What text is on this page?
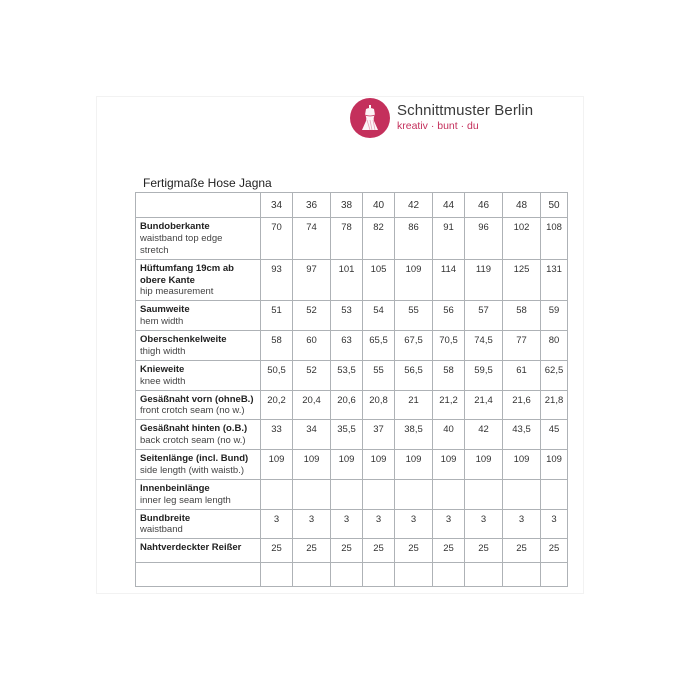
Schnittmuster Berlin
kreativ · bunt · du
Fertigmaße Hose Jagna
	34	36	38	40	42	44	46	48	50

Bundoberkante
waistband top edge
stretch	70	74	78	82	86	91	96	102	108

Hüftumfang 19cm ab obere Kante
hip measurement	93	97	101	105	109	114	119	125	131

Saumweite
hem width	51	52	53	54	55	56	57	58	59

Oberschenkelweite
thigh width	58	60	63	65,5	67,5	70,5	74,5	77	80

Knieweite
knee width	50,5	52	53,5	55	56,5	58	59,5	61	62,5

Gesäßnaht vorn (ohneB.)
front crotch seam (no w.)	20,2	20,4	20,6	20,8	21	21,2	21,4	21,6	21,8

Gesäßnaht hinten (o.B.)
back crotch seam (no w.)	33	34	35,5	37	38,5	40	42	43,5	45

Seitenlänge (incl. Bund)
side length (with waistb.)	109	109	109	109	109	109	109	109	109

Innenbeinlänge
inner leg seam length									

Bundbreite
waistband	3	3	3	3	3	3	3	3	3

Nahtverdeckter Reißer	25	25	25	25	25	25	25	25	25
